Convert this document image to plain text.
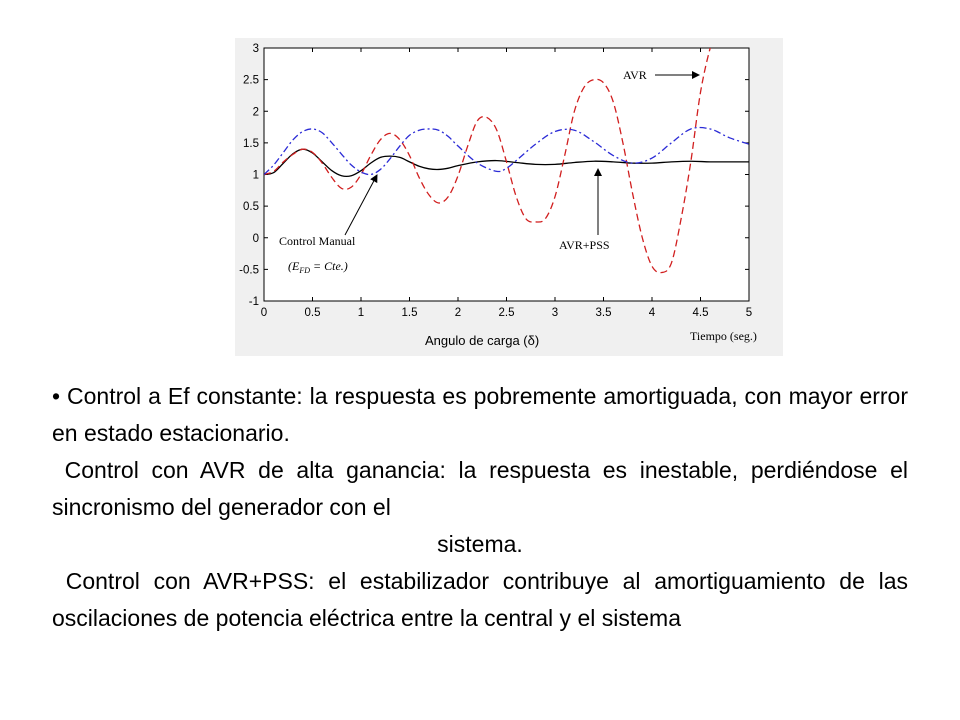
3
2.5
2
1.5
1
0.5
0
-0.5
-1
0	0.5	1	1.5	2	2.5	3	3.5	4	4.5	5
AVR
AVR+PSS
Control Manual
$(E_{FD} = Cte.)$
Angulo de carga (δ)	Tiempo (seg.)

• Control a Ef constante: la respuesta es pobremente amortiguada, con mayor error en estado estacionario.

Control con AVR de alta ganancia: la respuesta es inestable, perdiéndose el sincronismo del generador con el

sistema.

Control con AVR+PSS: el estabilizador contribuye al amortiguamiento de las oscilaciones de potencia eléctrica entre la central y el sistema
